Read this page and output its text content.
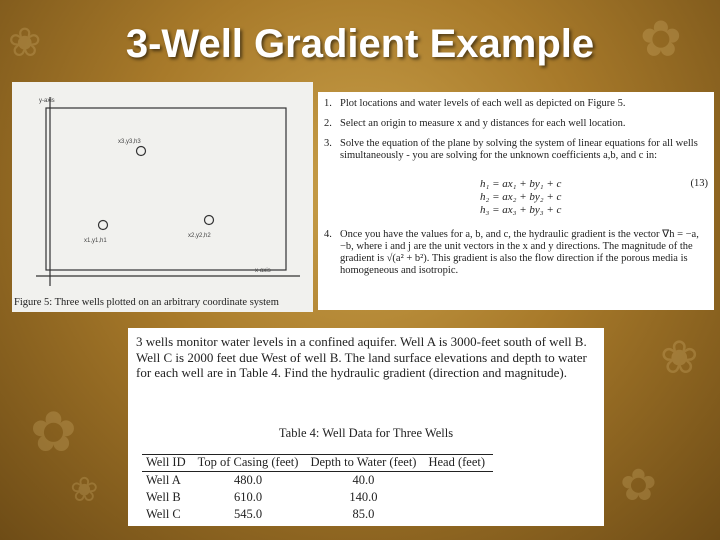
❀	✿
❀
✿
✿
❀
3-Well Gradient Example
y-axis
x-axis
x3,y3,h3
x1,y1,h1
x2,y2,h2
Figure 5: Three wells plotted on an arbitrary coordinate system
1. Plot locations and water levels of each well as depicted on Figure 5.
2. Select an origin to measure x and y distances for each well location.
3. Solve the equation of the plane by solving the system of linear equations for all wells simultaneously - you are solving for the unknown coefficients a,b, and c in:
h₁ = ax₁ + by₁ + c
h₂ = ax₂ + by₂ + c
h₃ = ax₃ + by₃ + c
(13)
4. Once you have the values for a, b, and c, the hydraulic gradient is the vector ∇h = −a, −b, where i and j are the unit vectors in the x and y directions. The magnitude of the gradient is √(a² + b²). This gradient is also the flow direction if the porous media is homogeneous and isotropic.
3 wells monitor water levels in a confined aquifer. Well A is 3000-feet south of well B. Well C is 2000 feet due West of well B. The land surface elevations and depth to water for each well are in Table 4. Find the hydraulic gradient (direction and magnitude).
Table 4: Well Data for Three Wells
Well ID	Top of Casing (feet)	Depth to Water (feet)	Head (feet)
Well A	480.0	40.0	
Well B	610.0	140.0	
Well C	545.0	85.0	
